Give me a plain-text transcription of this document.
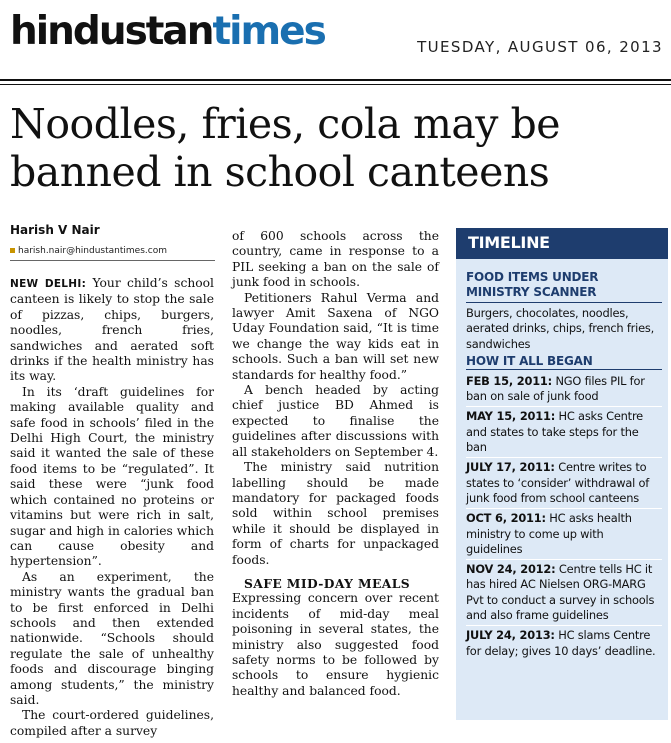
hindustantimes	TUESDAY, AUGUST 06, 2013
Noodles, fries, cola may be banned in school canteens
Harish V Nair
harish.nair@hindustantimes.com

NEW DELHI: Your child’s school canteen is likely to stop the sale of pizzas, chips, burgers, noodles, french fries, sandwiches and aerated soft drinks if the health ministry has its way.

In its ‘draft guidelines for making available quality and safe food in schools’ filed in the Delhi High Court, the ministry said it wanted the sale of these food items to be “regulated”. It said these were “junk food which contained no proteins or vitamins but were rich in salt, sugar and high in calories which can cause obesity and hypertension”.

As an experiment, the ministry wants the gradual ban to be first enforced in Delhi schools and then extended nationwide. “Schools should regulate the sale of unhealthy foods and discourage binging among students,” the ministry said.

The court-ordered guidelines, compiled after a survey

of 600 schools across the country, came in response to a PIL seeking a ban on the sale of junk food in schools.

Petitioners Rahul Verma and lawyer Amit Saxena of NGO Uday Foundation said, “It is time we change the way kids eat in schools. Such a ban will set new standards for healthy food.”

A bench headed by acting chief justice BD Ahmed is expected to finalise the guidelines after discussions with all stakeholders on September 4.

The ministry said nutrition labelling should be made mandatory for packaged foods sold within school premises while it should be displayed in form of charts for unpackaged foods.

SAFE MID-DAY MEALS

Expressing concern over recent incidents of mid-day meal poisoning in several states, the ministry also suggested food safety norms to be followed by schools to ensure hygienic healthy and balanced food.

TIMELINE
FOOD ITEMS UNDER MINISTRY SCANNER
Burgers, chocolates, noodles, aerated drinks, chips, french fries, sandwiches
HOW IT ALL BEGAN
FEB 15, 2011: NGO files PIL for ban on sale of junk food
MAY 15, 2011: HC asks Centre and states to take steps for the ban
JULY 17, 2011: Centre writes to states to ‘consider’ withdrawal of junk food from school canteens
OCT 6, 2011: HC asks health ministry to come up with guidelines
NOV 24, 2012: Centre tells HC it has hired AC Nielsen ORG-MARG Pvt to conduct a survey in schools and also frame guidelines
JULY 24, 2013: HC slams Centre for delay; gives 10 days’ deadline.
